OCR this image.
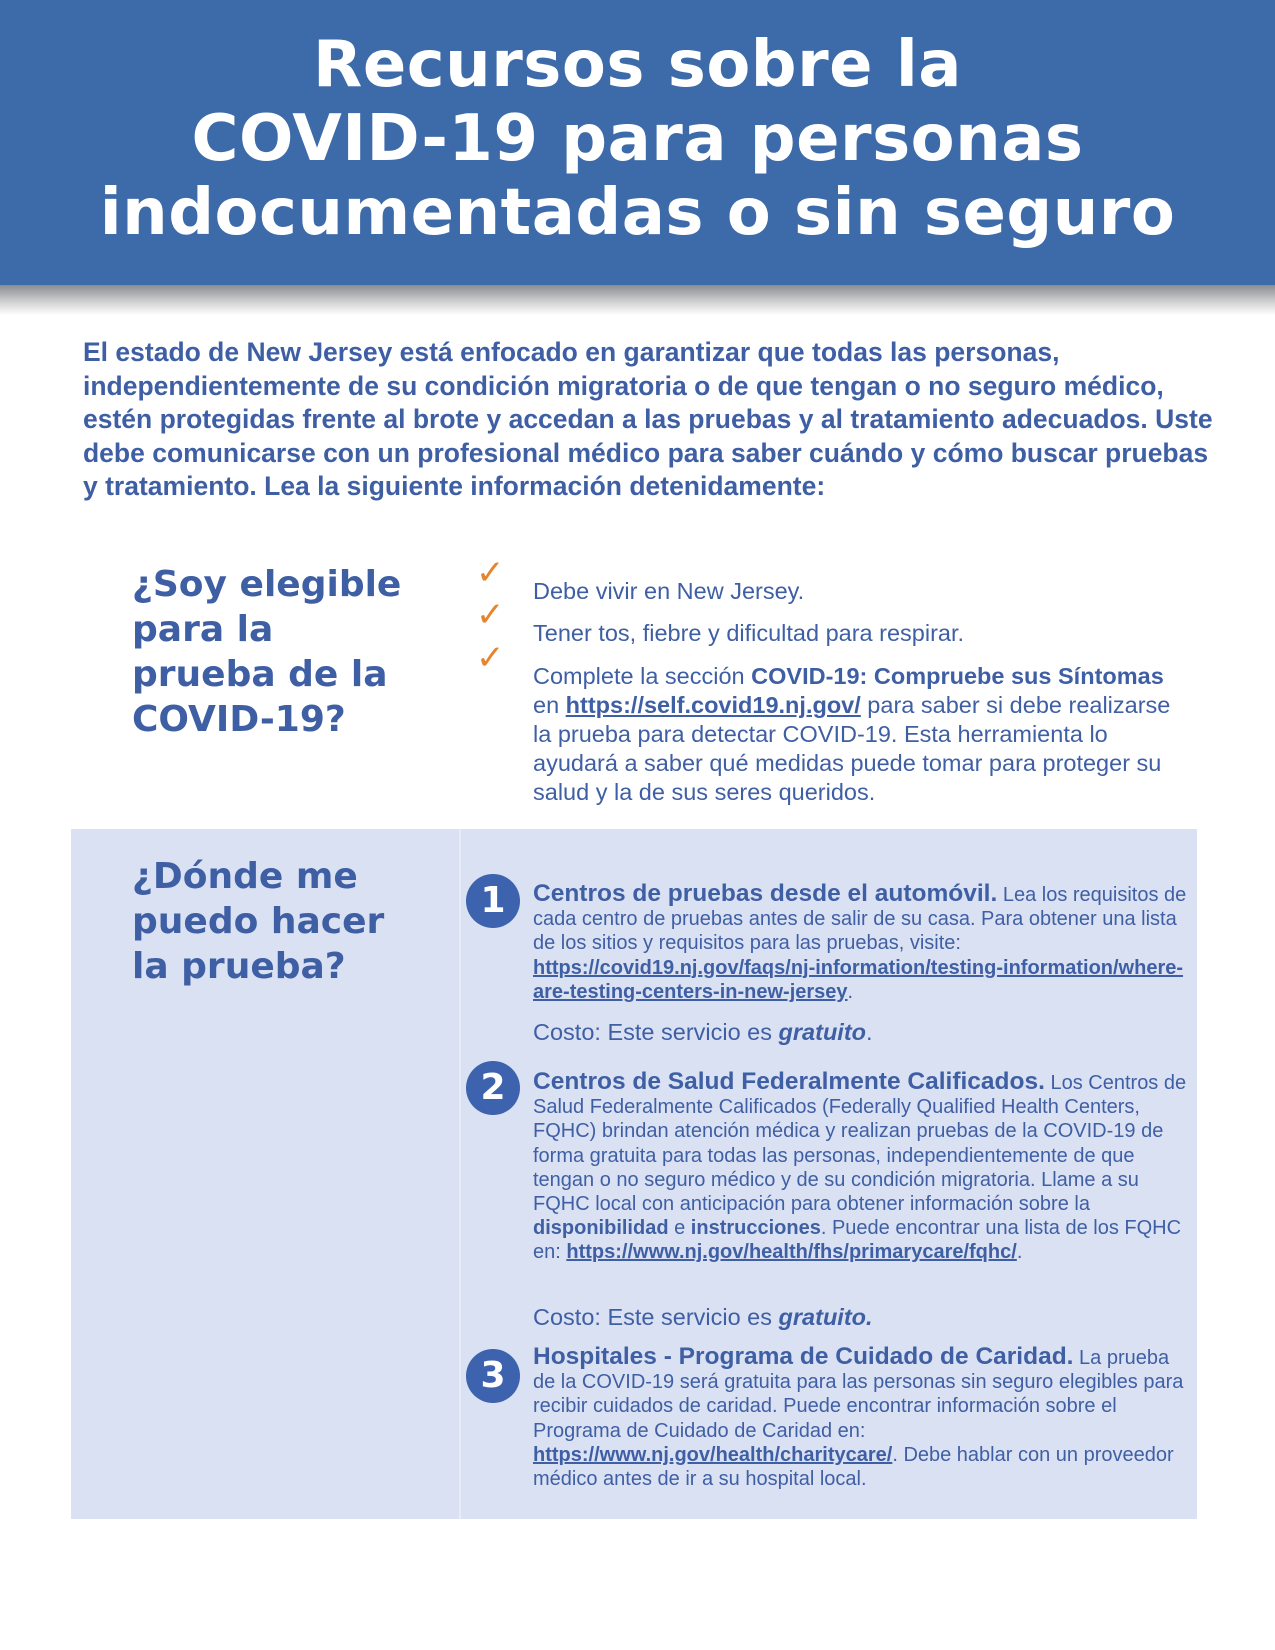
Recursos sobre la
COVID-19 para personas
indocumentadas o sin seguro

El estado de New Jersey está enfocado en garantizar que todas las personas, independientemente de su condición migratoria o de que tengan o no seguro médico, estén protegidas frente al brote y accedan a las pruebas y al tratamiento adecuados. Uste debe comunicarse con un profesional médico para saber cuándo y cómo buscar pruebas y tratamiento. Lea la siguiente información detenidamente:

¿Soy elegible
para la
prueba de la
COVID-19?
✓
✓
✓

Debe vivir en New Jersey.

Tener tos, fiebre y dificultad para respirar.

Complete la sección COVID-19: Compruebe sus Síntomas en https://self.covid19.nj.gov/ para saber si debe realizarse la prueba para detectar COVID-19. Esta herramienta lo ayudará a saber qué medidas puede tomar para proteger su salud y la de sus seres queridos.

¿Dónde me
puedo hacer
la prueba?
1	Centros de pruebas desde el automóvil. Lea los requisitos de cada centro de pruebas antes de salir de su casa. Para obtener una lista de los sitios y requisitos para las pruebas, visite: https://covid19.nj.gov/faqs/nj-information/testing-information/where-are-testing-centers-in-new-jersey.

Costo: Este servicio es gratuito.

2	Centros de Salud Federalmente Calificados. Los Centros de Salud Federalmente Calificados (Federally Qualified Health Centers, FQHC) brindan atención médica y realizan pruebas de la COVID-19 de forma gratuita para todas las personas, independientemente de que tengan o no seguro médico y de su condición migratoria. Llame a su FQHC local con anticipación para obtener información sobre la disponibilidad e instrucciones. Puede encontrar una lista de los FQHC en: https://www.nj.gov/health/fhs/primarycare/fqhc/.

Costo: Este servicio es gratuito.

3	Hospitales - Programa de Cuidado de Caridad. La prueba de la COVID-19 será gratuita para las personas sin seguro elegibles para recibir cuidados de caridad. Puede encontrar información sobre el Programa de Cuidado de Caridad en: https://www.nj.gov/health/charitycare/. Debe hablar con un proveedor médico antes de ir a su hospital local.
